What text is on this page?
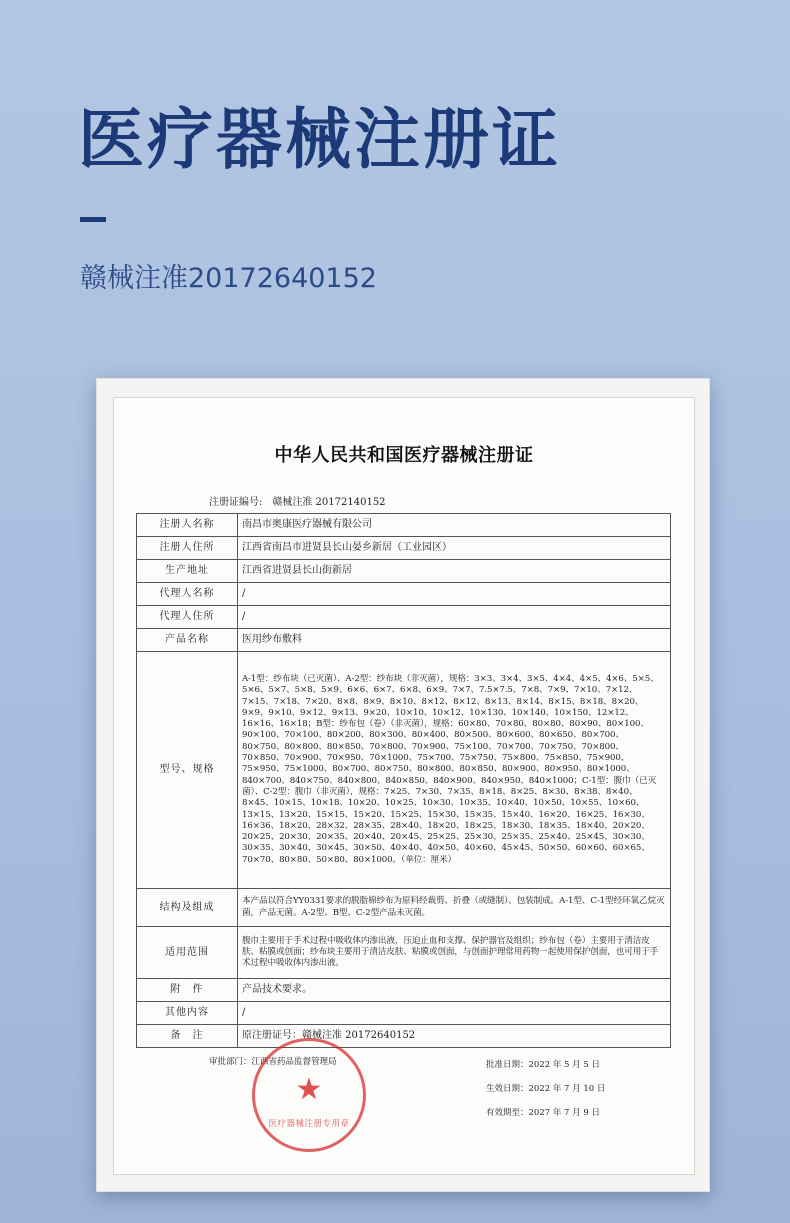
医疗器械注册证

赣械注准20172640152

中华人民共和国医疗器械注册证
注册证编号: 赣械注准 20172140152
注册人名称	南昌市奥康医疗器械有限公司
注册人住所	江西省南昌市进贤县长山晏乡新居（工业园区）
生产地址	江西省进贤县长山街新居
代理人名称	/
代理人住所	/
产品名称	医用纱布敷料
型号、规格	A-1型：纱布块（已灭菌）、A-2型：纱布块（非灭菌），规格：3×3、3×4、3×5、4×4、4×5、4×6、5×5、5×6、5×7、5×8、5×9、6×6、6×7、6×8、6×9、7×7、7.5×7.5、7×8、7×9、7×10、7×12、7×15、7×18、7×20、8×8、8×9、8×10、8×12、8×12、8×13、8×14、8×15、8×18、8×20、9×9、9×10、9×12、9×13、9×20、10×10、10×12、10×130、10×140、10×150、12×12、16×16、16×18；B型：纱布包（卷）（非灭菌），规格：60×80、70×80、80×80、80×90、80×100、90×100、70×100、80×200、80×300、80×400、80×500、80×600、80×650、80×700、80×750、80×800、80×850、70×800、70×900、75×100、70×700、70×750、70×800、70×850、70×900、70×950、70×1000、75×700、75×750、75×800、75×850、75×900、75×950、75×1000、80×700、80×750、80×800、80×850、80×900、80×950、80×1000、840×700、840×750、840×800、840×850、840×900、840×950、840×1000；C-1型：腹巾（已灭菌）、C-2型：腹巾（非灭菌），规格：7×25、7×30、7×35、8×18、8×25、8×30、8×38、8×40、8×45、10×15、10×18、10×20、10×25、10×30、10×35、10×40、10×50、10×55、10×60、13×15、13×20、15×15、15×20、15×25、15×30、15×35、15×40、16×20、16×25、16×30、16×36、18×20、28×32、28×35、28×40、18×20、18×25、18×30、18×35、18×40、20×20、20×25、20×30、20×35、20×40、20×45、25×25、25×30、25×35、25×40、25×45、30×30、30×35、30×40、30×45、30×50、40×40、40×50、40×60、45×45、50×50、60×60、60×65、70×70、80×80、50×80、80×1000。（单位：厘米）
结构及组成	本产品以符合YY0331要求的脱脂棉纱布为原料经裁剪、折叠（或缝制）、包装制成。A-1型、C-1型经环氧乙烷灭菌，产品无菌。A-2型、B型、C-2型产品未灭菌。
适用范围	腹巾主要用于手术过程中吸收体内渗出液，压迫止血和支撑、保护器官及组织；纱布包（卷）主要用于清洁皮肤、粘膜或创面；纱布块主要用于清洁皮肤、粘膜或创面，与创面护理常用药物一起使用保护创面，也可用于手术过程中吸收体内渗出液。
附　件	产品技术要求。
其他内容	/
备　注	原注册证号：赣械注准 20172640152
审批部门：江西省药品监督管理局	批准日期：2022 年 5 月 5 日
生效日期：2022 年 7 月 10 日
有效期至：2027 年 7 月 9 日
★
医疗器械注册专用章
